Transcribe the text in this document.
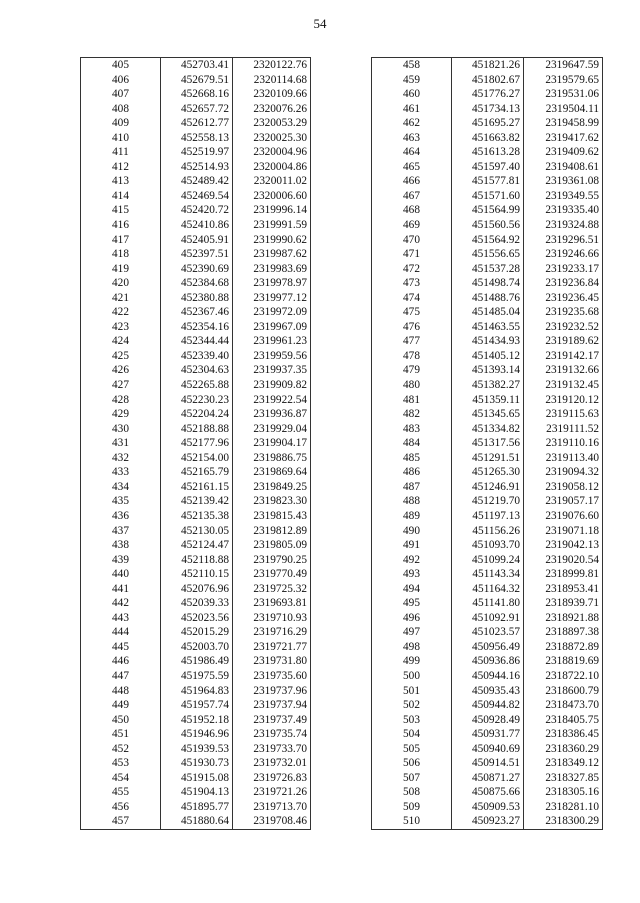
54
405	452703.41	2320122.76
406	452679.51	2320114.68
407	452668.16	2320109.66
408	452657.72	2320076.26
409	452612.77	2320053.29
410	452558.13	2320025.30
411	452519.97	2320004.96
412	452514.93	2320004.86
413	452489.42	2320011.02
414	452469.54	2320006.60
415	452420.72	2319996.14
416	452410.86	2319991.59
417	452405.91	2319990.62
418	452397.51	2319987.62
419	452390.69	2319983.69
420	452384.68	2319978.97
421	452380.88	2319977.12
422	452367.46	2319972.09
423	452354.16	2319967.09
424	452344.44	2319961.23
425	452339.40	2319959.56
426	452304.63	2319937.35
427	452265.88	2319909.82
428	452230.23	2319922.54
429	452204.24	2319936.87
430	452188.88	2319929.04
431	452177.96	2319904.17
432	452154.00	2319886.75
433	452165.79	2319869.64
434	452161.15	2319849.25
435	452139.42	2319823.30
436	452135.38	2319815.43
437	452130.05	2319812.89
438	452124.47	2319805.09
439	452118.88	2319790.25
440	452110.15	2319770.49
441	452076.96	2319725.32
442	452039.33	2319693.81
443	452023.56	2319710.93
444	452015.29	2319716.29
445	452003.70	2319721.77
446	451986.49	2319731.80
447	451975.59	2319735.60
448	451964.83	2319737.96
449	451957.74	2319737.94
450	451952.18	2319737.49
451	451946.96	2319735.74
452	451939.53	2319733.70
453	451930.73	2319732.01
454	451915.08	2319726.83
455	451904.13	2319721.26
456	451895.77	2319713.70
457	451880.64	2319708.46
458	451821.26	2319647.59
459	451802.67	2319579.65
460	451776.27	2319531.06
461	451734.13	2319504.11
462	451695.27	2319458.99
463	451663.82	2319417.62
464	451613.28	2319409.62
465	451597.40	2319408.61
466	451577.81	2319361.08
467	451571.60	2319349.55
468	451564.99	2319335.40
469	451560.56	2319324.88
470	451564.92	2319296.51
471	451556.65	2319246.66
472	451537.28	2319233.17
473	451498.74	2319236.84
474	451488.76	2319236.45
475	451485.04	2319235.68
476	451463.55	2319232.52
477	451434.93	2319189.62
478	451405.12	2319142.17
479	451393.14	2319132.66
480	451382.27	2319132.45
481	451359.11	2319120.12
482	451345.65	2319115.63
483	451334.82	2319111.52
484	451317.56	2319110.16
485	451291.51	2319113.40
486	451265.30	2319094.32
487	451246.91	2319058.12
488	451219.70	2319057.17
489	451197.13	2319076.60
490	451156.26	2319071.18
491	451093.70	2319042.13
492	451099.24	2319020.54
493	451143.34	2318999.81
494	451164.32	2318953.41
495	451141.80	2318939.71
496	451092.91	2318921.88
497	451023.57	2318897.38
498	450956.49	2318872.89
499	450936.86	2318819.69
500	450944.16	2318722.10
501	450935.43	2318600.79
502	450944.82	2318473.70
503	450928.49	2318405.75
504	450931.77	2318386.45
505	450940.69	2318360.29
506	450914.51	2318349.12
507	450871.27	2318327.85
508	450875.66	2318305.16
509	450909.53	2318281.10
510	450923.27	2318300.29
